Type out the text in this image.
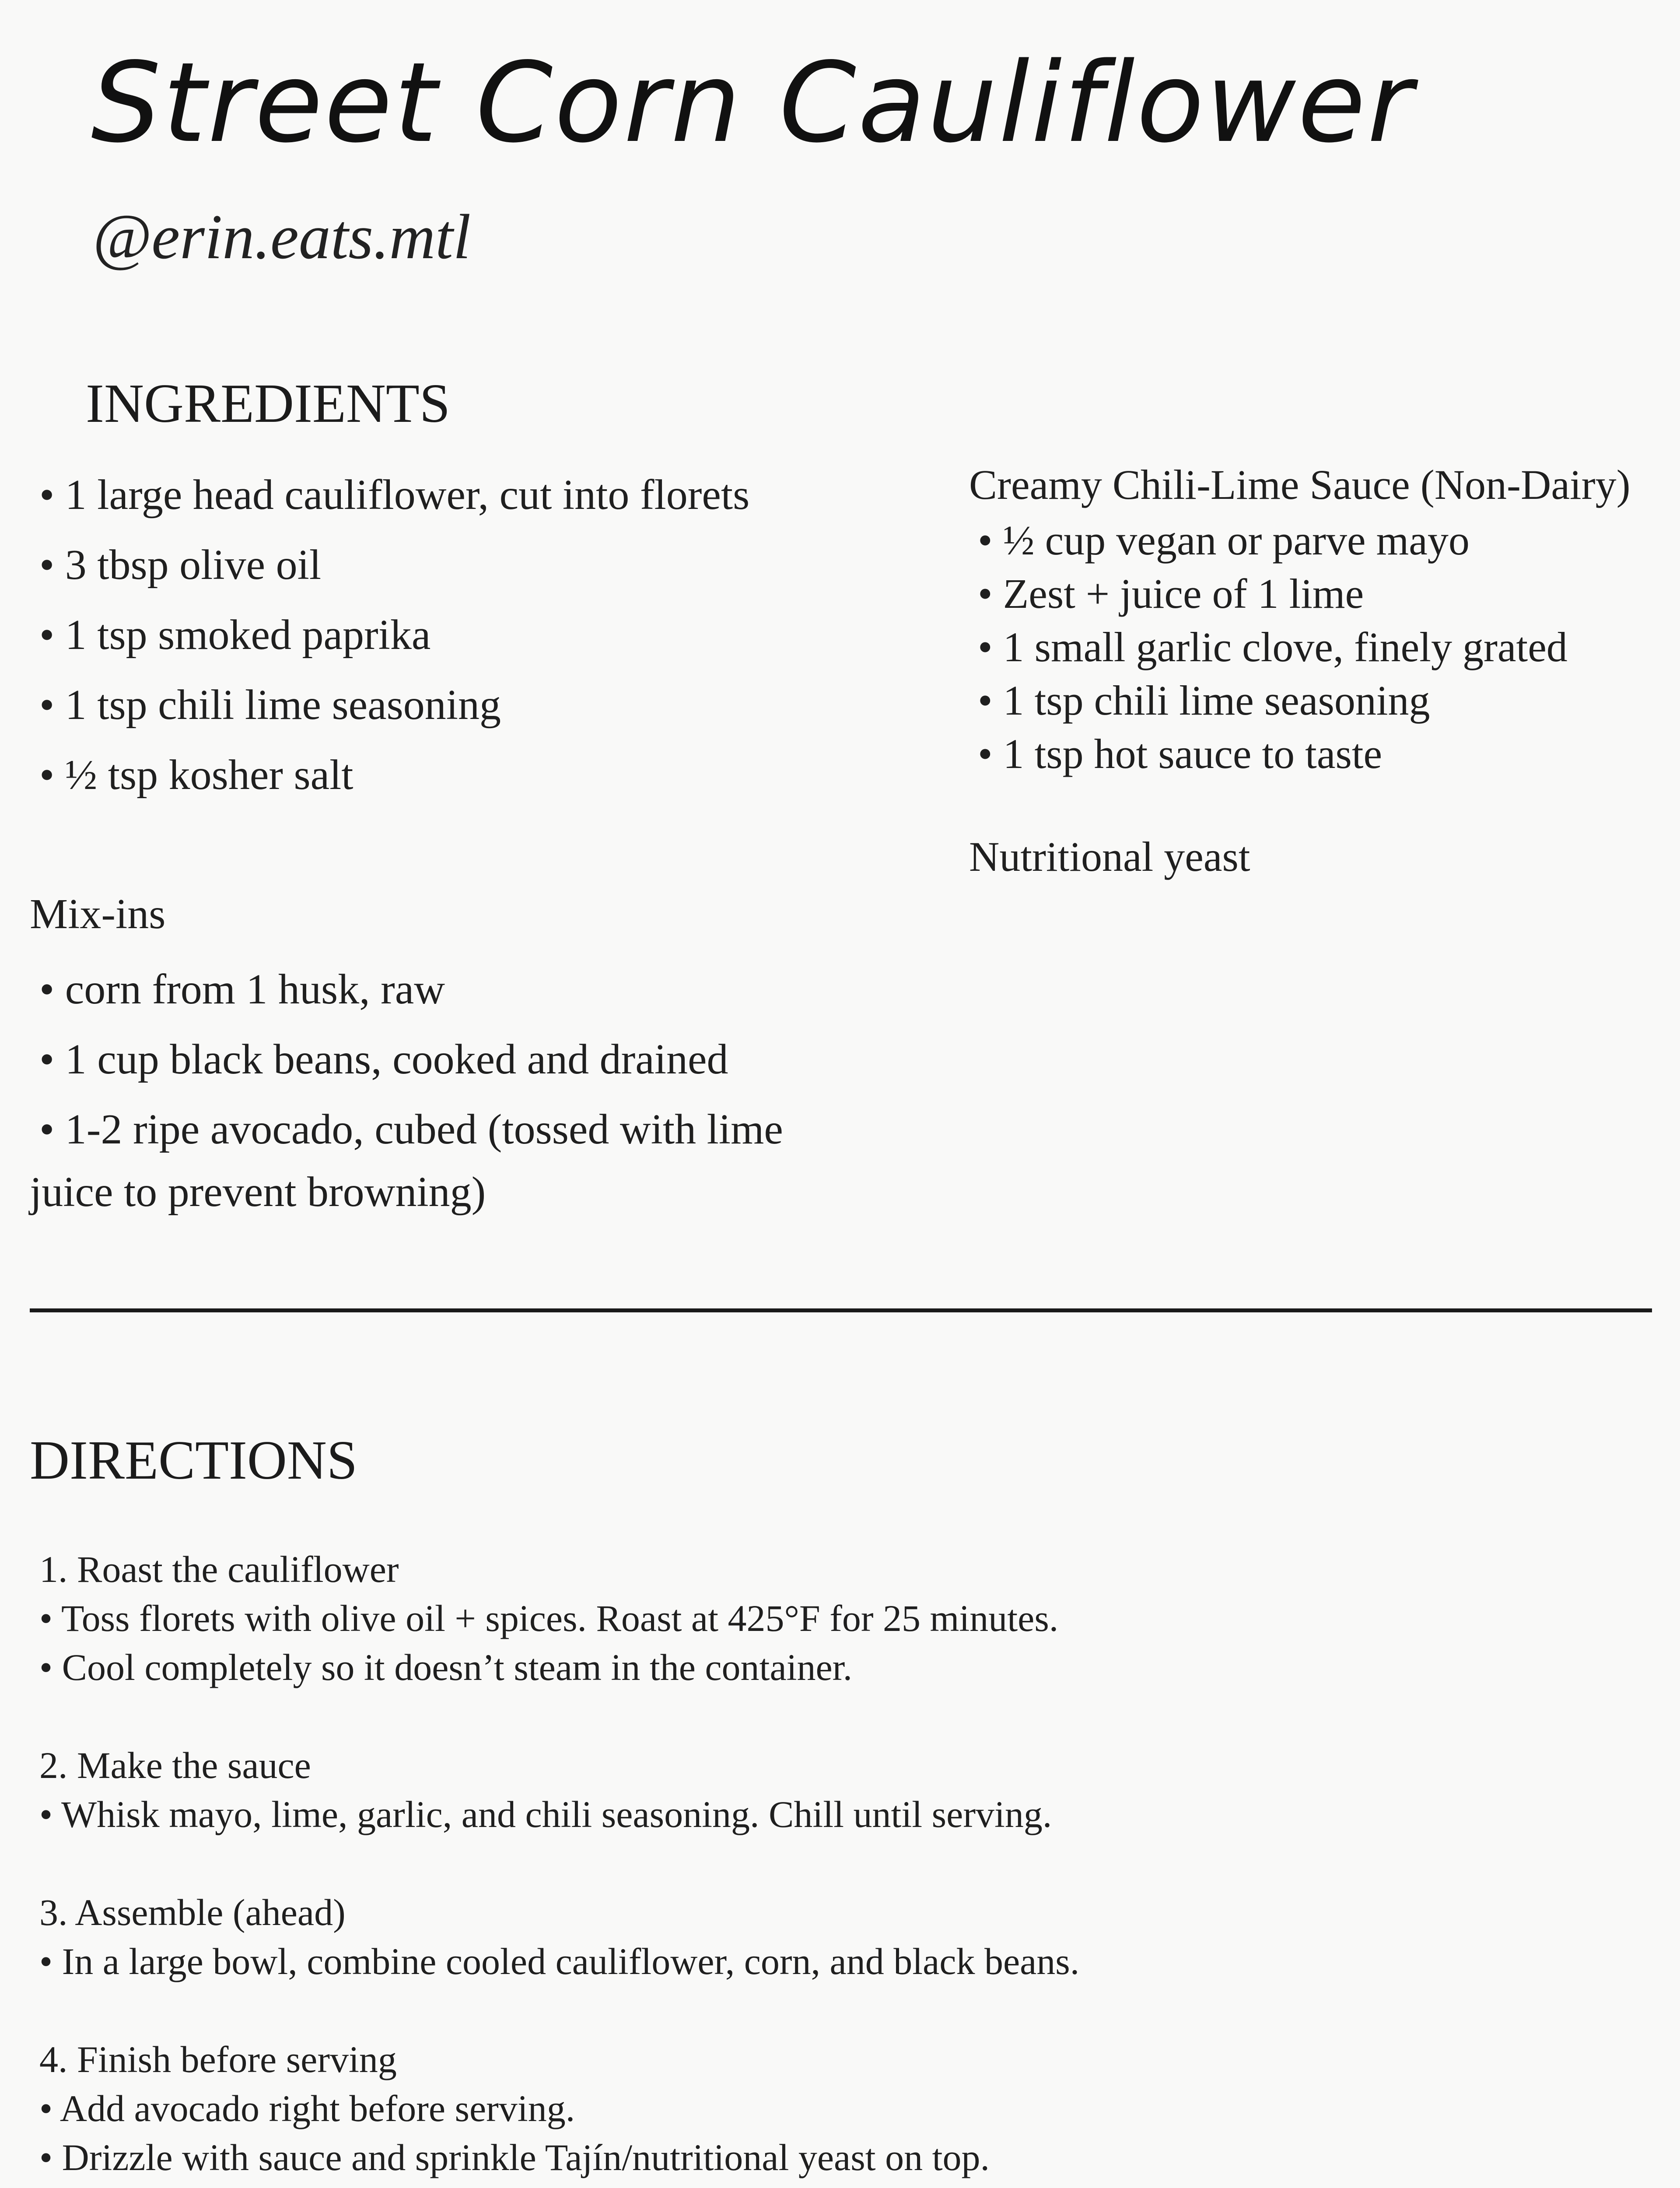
Street Corn Cauliflower
@erin.eats.mtl
INGREDIENTS
• 1 large head cauliflower, cut into florets
• 3 tbsp olive oil
• 1 tsp smoked paprika
• 1 tsp chili lime seasoning
• ½ tsp kosher salt
Mix-ins
• corn from 1 husk, raw
• 1 cup black beans, cooked and drained
• 1-2 ripe avocado, cubed (tossed with lime
juice to prevent browning)
Creamy Chili-Lime Sauce (Non-Dairy)
• ½ cup vegan or parve mayo
• Zest + juice of 1 lime
• 1 small garlic clove, finely grated
• 1 tsp chili lime seasoning
• 1 tsp hot sauce to taste
Nutritional yeast
DIRECTIONS
1. Roast the cauliflower
• Toss florets with olive oil + spices. Roast at 425°F for 25 minutes.
• Cool completely so it doesn’t steam in the container.
2. Make the sauce
• Whisk mayo, lime, garlic, and chili seasoning. Chill until serving.
3. Assemble (ahead)
• In a large bowl, combine cooled cauliflower, corn, and black beans.
4. Finish before serving
• Add avocado right before serving.
• Drizzle with sauce and sprinkle Tajín/nutritional yeast on top.
